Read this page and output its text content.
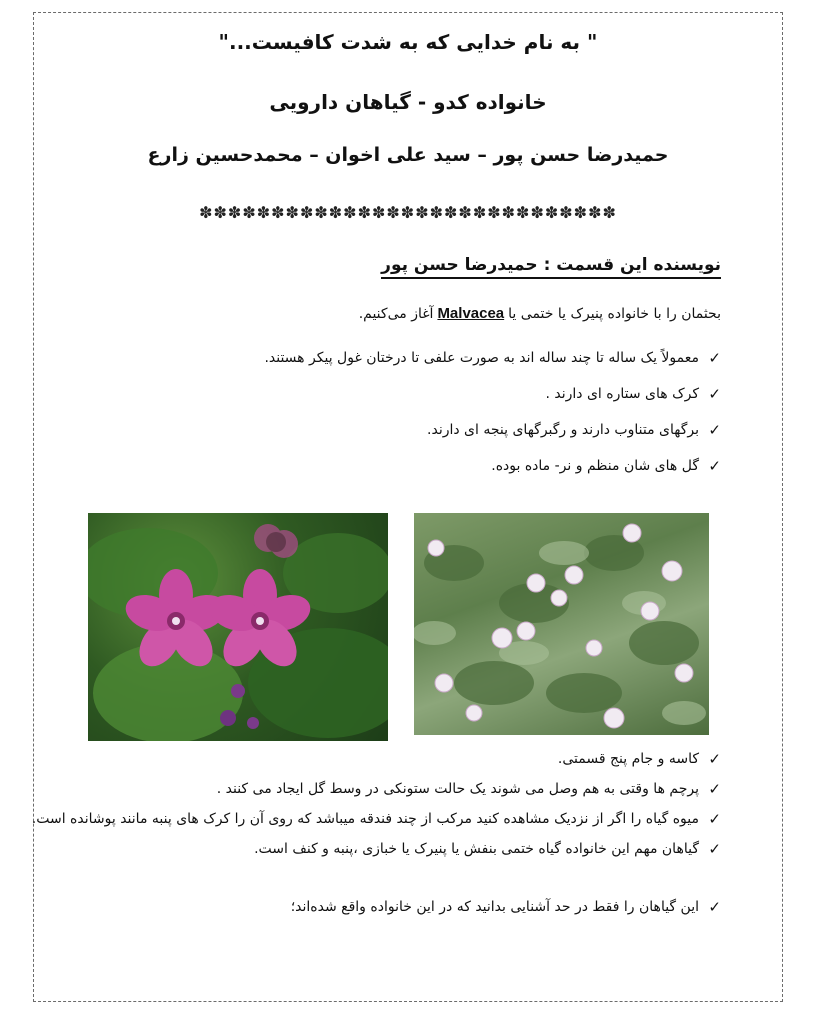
" به نام خدایی که به شدت کافیست..."
خانواده کدو - گیاهان دارویی
حمیدرضا حسن پور – سید علی اخوان – محمدحسین زارع
✽✽✽✽✽✽✽✽✽✽✽✽✽✽✽✽✽✽✽✽✽✽✽✽✽✽✽✽✽
نویسنده این قسمت : حمیدرضا حسن پور
بحثمان را با خانواده پنیرک یا ختمی یاMalvaceaآغاز می‌کنیم.
✓
معمولاً یک ساله تا چند ساله اند به صورت علفی تا درختان غول پیکر هستند.
✓
کرک های ستاره ای دارند .
✓
برگهای متناوب دارند و رگبرگهای پنجه ای دارند.
✓
گل های شان منظم و نر- ماده بوده.
✓
کاسه و جام پنج قسمتی.
✓
پرچم ها وقتی به هم وصل می شوند یک حالت ستونکی در وسط گل ایجاد می کنند .
✓
میوه گیاه را اگر از نزدیک مشاهده کنید مرکب از چند فندقه میباشد که روی آن را کرک های پنبه مانند پوشانده است.
✓
گیاهان مهم این خانواده گیاه ختمی بنفش یا پنیرک یا خبازی ،پنبه و کنف است.
✓
این گیاهان را فقط در حد آشنایی بدانید که در این خانواده واقع شده‌اند؛
